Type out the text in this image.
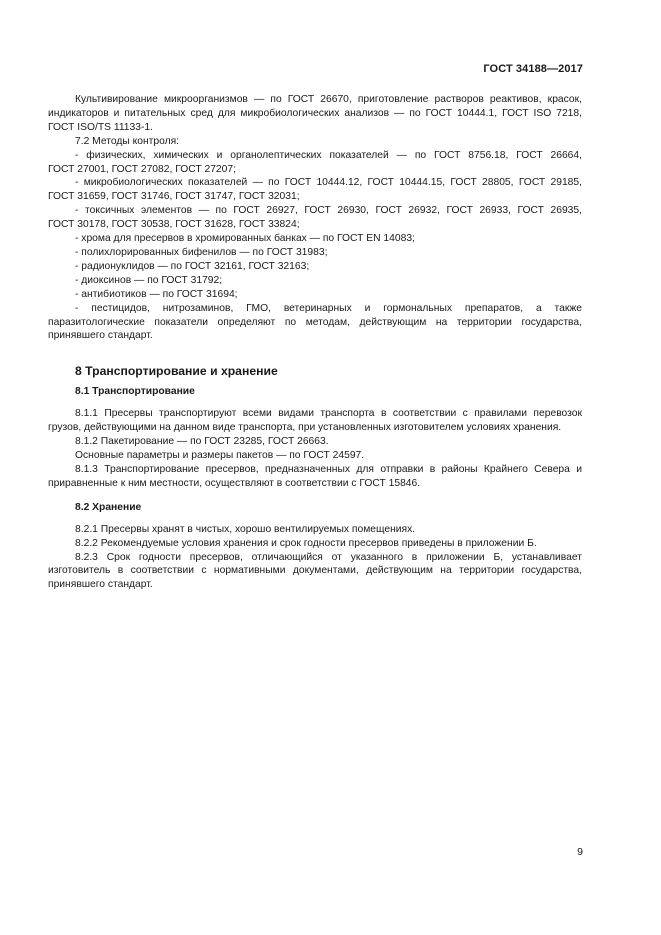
ГОСТ 34188—2017

Культивирование микроорганизмов — по ГОСТ 26670, приготовление растворов реактивов, красок, индикаторов и питательных сред для микробиологических анализов — по ГОСТ 10444.1, ГОСТ ISO 7218, ГОСТ ISO/TS 11133-1.

7.2 Методы контроля:

- физических, химических и органолептических показателей — по ГОСТ 8756.18, ГОСТ 26664,

ГОСТ 27001, ГОСТ 27082, ГОСТ 27207;

- микробиологических показателей — по ГОСТ 10444.12, ГОСТ 10444.15, ГОСТ 28805, ГОСТ 29185,

ГОСТ 31659, ГОСТ 31746, ГОСТ 31747, ГОСТ 32031;

- токсичных элементов — по ГОСТ 26927, ГОСТ 26930, ГОСТ 26932, ГОСТ 26933, ГОСТ 26935,

ГОСТ 30178, ГОСТ 30538, ГОСТ 31628, ГОСТ 33824;

- хрома для пресервов в хромированных банках — по ГОСТ EN 14083;

- полихлорированных бифенилов — по ГОСТ 31983;

- радионуклидов — по ГОСТ 32161, ГОСТ 32163;

- диоксинов — по ГОСТ 31792;

- антибиотиков — по ГОСТ 31694;

- пестицидов, нитрозаминов, ГМО, ветеринарных и гормональных препаратов, а также паразитологические показатели определяют по методам, действующим на территории государства, принявшего стандарт.

8 Транспортирование и хранение

8.1 Транспортирование

8.1.1 Пресервы транспортируют всеми видами транспорта в соответствии с правилами перевозок грузов, действующими на данном виде транспорта, при установленных изготовителем условиях хранения.

8.1.2 Пакетирование — по ГОСТ 23285, ГОСТ 26663.

Основные параметры и размеры пакетов — по ГОСТ 24597.

8.1.3 Транспортирование пресервов, предназначенных для отправки в районы Крайнего Севера и приравненные к ним местности, осуществляют в соответствии с ГОСТ 15846.

8.2 Хранение

8.2.1 Пресервы хранят в чистых, хорошо вентилируемых помещениях.

8.2.2 Рекомендуемые условия хранения и срок годности пресервов приведены в приложении Б.

8.2.3 Срок годности пресервов, отличающийся от указанного в приложении Б, устанавливает изготовитель в соответствии с нормативными документами, действующим на территории государства, принявшего стандарт.

9
